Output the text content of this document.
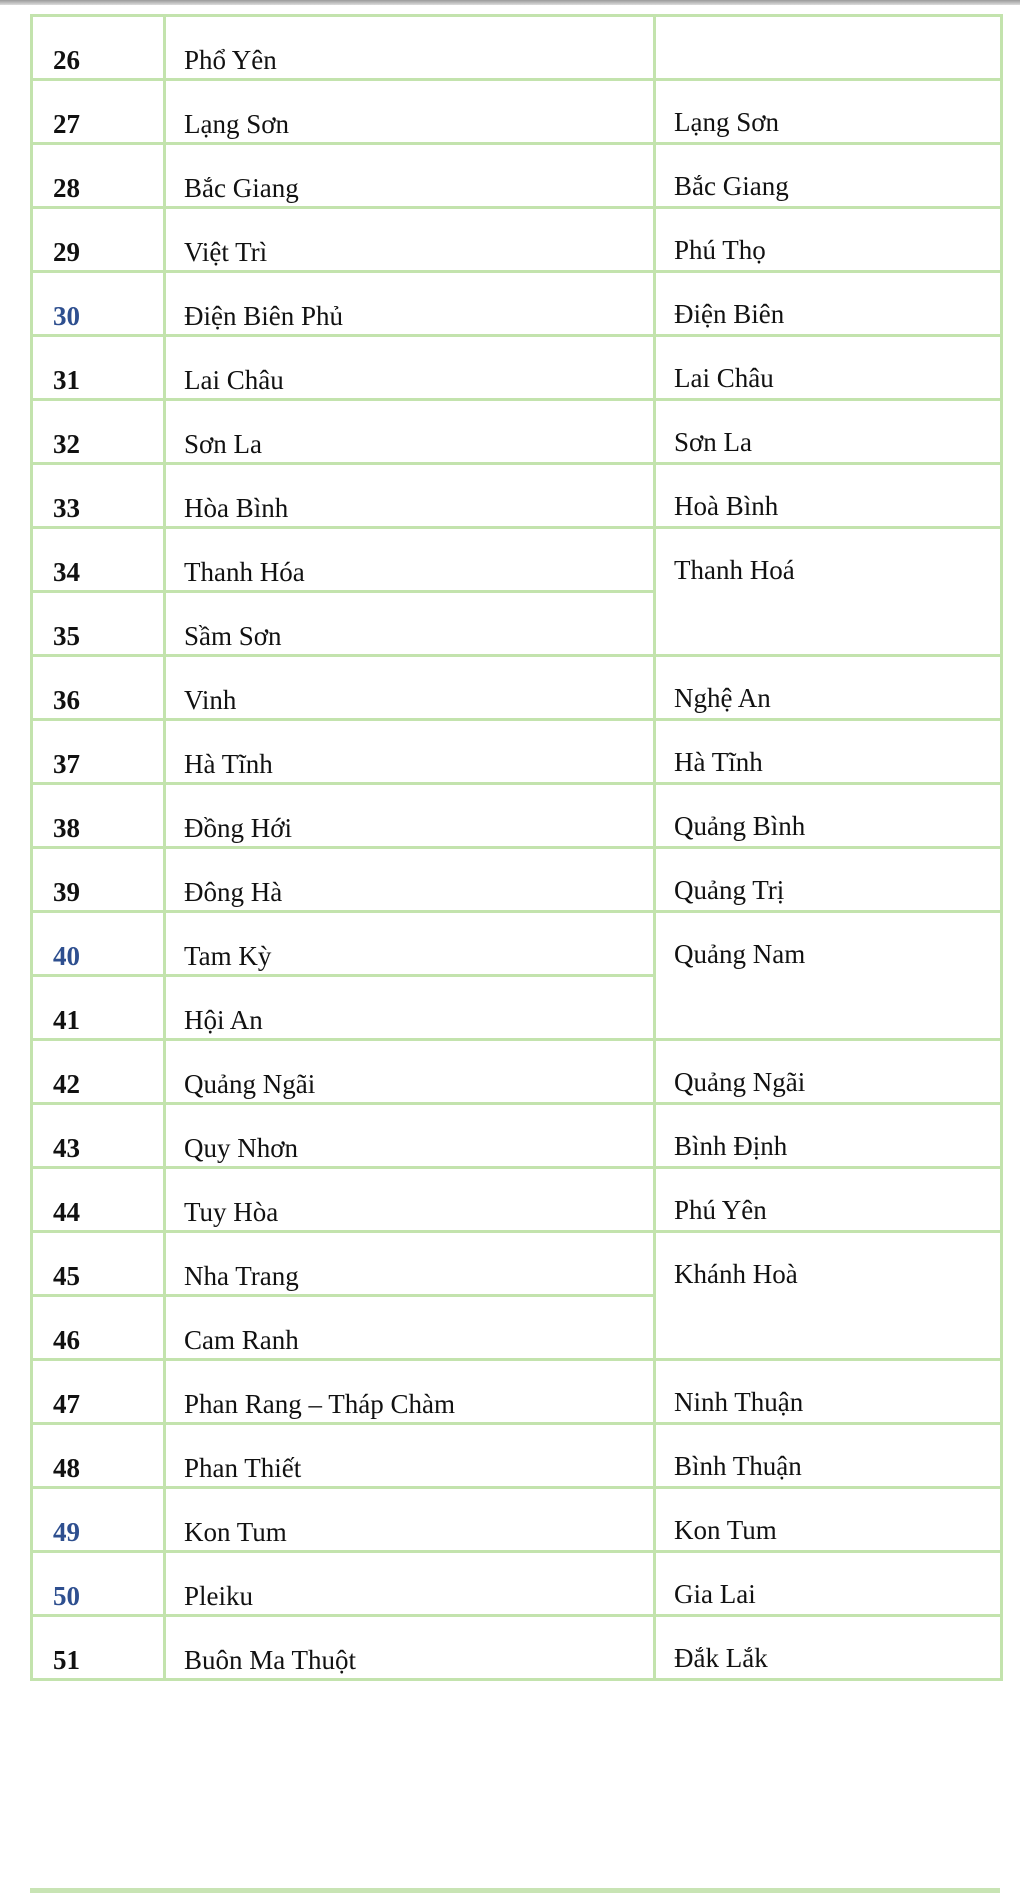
26	Phổ Yên	
27	Lạng Sơn	Lạng Sơn
28	Bắc Giang	Bắc Giang
29	Việt Trì	Phú Thọ
30	Điện Biên Phủ	Điện Biên
31	Lai Châu	Lai Châu
32	Sơn La	Sơn La
33	Hòa Bình	Hoà Bình
34	Thanh Hóa	Thanh Hoá
35	Sầm Sơn	
36	Vinh	Nghệ An
37	Hà Tĩnh	Hà Tĩnh
38	Đồng Hới	Quảng Bình
39	Đông Hà	Quảng Trị
40	Tam Kỳ	Quảng Nam
41	Hội An	
42	Quảng Ngãi	Quảng Ngãi
43	Quy Nhơn	Bình Định
44	Tuy Hòa	Phú Yên
45	Nha Trang	Khánh Hoà
46	Cam Ranh	
47	Phan Rang – Tháp Chàm	Ninh Thuận
48	Phan Thiết	Bình Thuận
49	Kon Tum	Kon Tum
50	Pleiku	Gia Lai
51	Buôn Ma Thuột	Đắk Lắk
